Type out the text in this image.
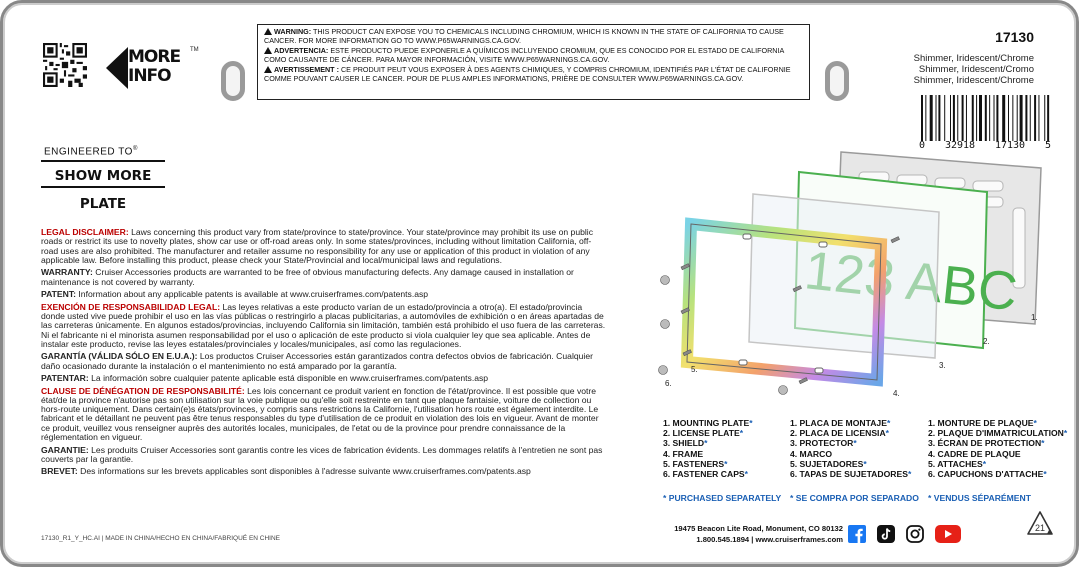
MORE
INFO
TM

WARNING: THIS PRODUCT CAN EXPOSE YOU TO CHEMICALS INCLUDING CHROMIUM, WHICH IS KNOWN IN THE STATE OF CALIFORNIA TO CAUSE CANCER. FOR MORE INFORMATION GO TO WWW.P65WARNINGS.CA.GOV.

ADVERTENCIA: ESTE PRODUCTO PUEDE EXPONERLE A QUÍMICOS INCLUYENDO CROMIUM, QUE ES CONOCIDO POR EL ESTADO DE CALIFORNIA COMO CAUSANTE DE CÁNCER. PARA MAYOR INFORMACIÓN, VISITE WWW.P65WARNINGS.CA.GOV.

AVERTISSEMENT : CE PRODUIT PEUT VOUS EXPOSER À DES AGENTS CHIMIQUES, Y COMPRIS CHROMIUM, IDENTIFIÉS PAR L'ÉTAT DE CALIFORNIE COMME POUVANT CAUSER LE CANCER. POUR DE PLUS AMPLES INFORMATIONS, PRIÈRE DE CONSULTER WWW.P65WARNINGS.CA.GOV.

17130
Shimmer, Iridescent/Chrome
Shimmer, Iridescent/Cromo
Shimmer, Iridescent/Chrome
0 32918 17130 5
ENGINEERED TO®
SHOW MORE PLATE

LEGAL DISCLAIMER: Laws concerning this product vary from state/province to state/province. Your state/province may prohibit its use on public roads or restrict its use to novelty plates, show car use or off-road areas only. In some states/provinces, including without limitation California, off-road uses are also prohibited. The manufacturer and retailer assume no responsibility for any use or application of this product in violation of any applicable law. Before installing this product, please check your State/Provincial and local/municipal laws and regulations.

WARRANTY: Cruiser Accessories products are warranted to be free of obvious manufacturing defects. Any damage caused in installation or maintenance is not covered by warranty.

PATENT: Information about any applicable patents is available at www.cruiserframes.com/patents.asp

EXENCIÓN DE RESPONSABILIDAD LEGAL: Las leyes relativas a este producto varían de un estado/provincia a otro(a). El estado/provincia donde usted vive puede prohibir el uso en las vías públicas o restringirlo a placas publicitarias, a automóviles de exhibición o en áreas apartadas de las carreteras únicamente. En algunos estados/provincias, incluyendo California sin limitación, también está prohibido el uso fuera de las carreteras. Ni el fabricante ni el minorista asumen responsabilidad por el uso o aplicación de este producto si viola cualquier ley que sea aplicable. Antes de instalar este producto, revise las leyes estatales/provinciales y locales/municipales, así como las regulaciones.

GARANTÍA (VÁLIDA SÓLO EN E.U.A.): Los productos Cruiser Accessories están garantizados contra defectos obvios de fabricación. Cualquier daño ocasionado durante la instalación o el mantenimiento no está amparado por la garantía.

PATENTAR: La información sobre cualquier patente aplicable está disponible en www.cruiserframes.com/patents.asp

CLAUSE DE DÉNÉGATION DE RESPONSABILITÉ: Les lois concernant ce produit varient en fonction de l'état/province. Il est possible que votre état/de la province n'autorise pas son utilisation sur la voie publique ou qu'elle soit restreinte en tant que plaque fantaisie, voiture de collection ou hors-route uniquement. Dans certain(e)s états/provinces, y compris sans restrictions la Californie, l'utilisation hors route est également interdite. Le fabricant et le détaillant ne peuvent pas être tenus responsables du type d'utilisation de ce produit en violation des lois en vigueur. Avant de monter ce produit, veuillez vous renseigner auprès des autorités locales, municipales, de l'etat ou de la province pour prendre connaissance de la réglementation en vigueur.

GARANTIE: Les produits Cruiser Accessories sont garantis contre les vices de fabrication évidents. Les dommages relatifs à l'entretien ne sont pas couverts par la garantie.

BREVET: Des informations sur les brevets applicables sont disponibles à l'adresse suivante www.cruiserframes.com/patents.asp

ABC 1.
2.
3.
4.
5.
6.
1. MOUNTING PLATE*
2. LICENSE PLATE*
3. SHIELD*
4. FRAME
5. FASTENERS*
6. FASTENER CAPS*
1. PLACA DE MONTAJE*
2. PLACA DE LICENSIA*
3. PROTECTOR*
4. MARCO
5. SUJETADORES*
6. TAPAS DE SUJETADORES*
1. MONTURE DE PLAQUE*
2. PLAQUE D'IMMATRICULATION*
3. ÉCRAN DE PROTECTION*
4. CADRE DE PLAQUE
5. ATTACHES*
6. CAPUCHONS D'ATTACHE*
* PURCHASED SEPARATELY * SE COMPRA POR SEPARADO * VENDUS SÉPARÉMENT
19475 Beacon Lite Road, Monument, CO 80132
1.800.545.1894 | www.cruiserframes.com
21
17130_R1_Y_HC.AI | MADE IN CHINA/HECHO EN CHINA/FABRIQUÉ EN CHINE
